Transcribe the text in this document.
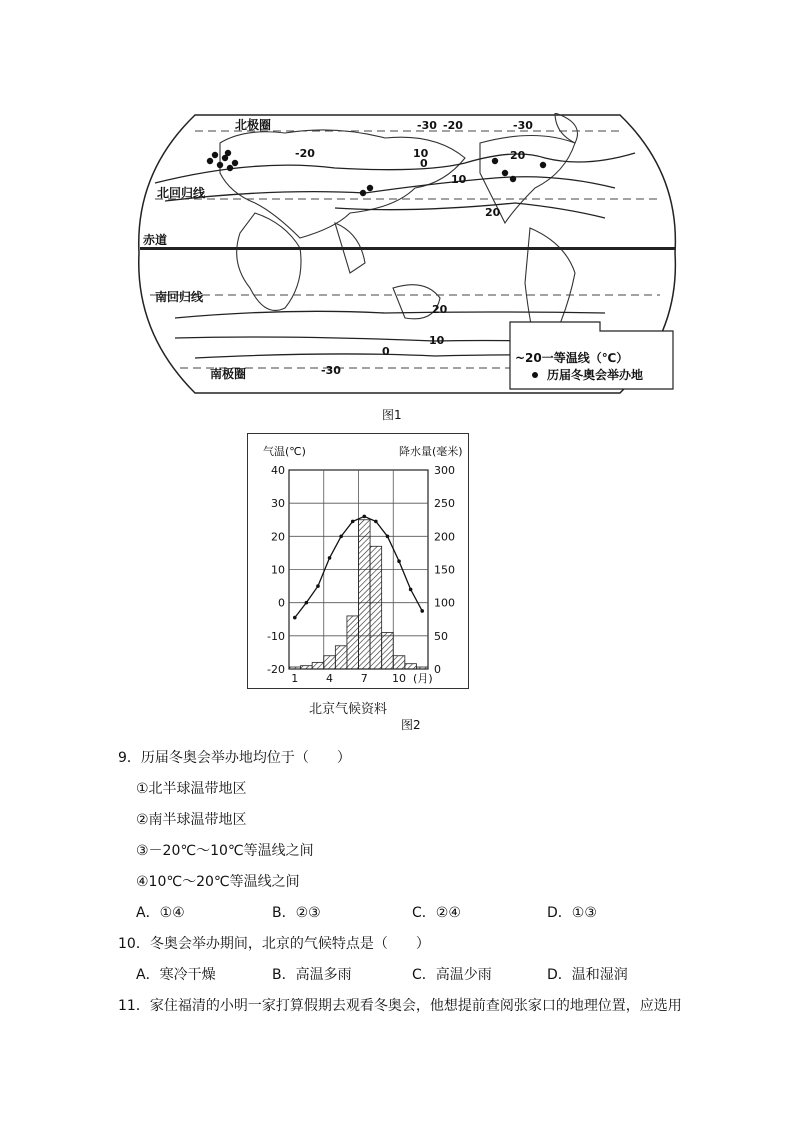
-30
-20	10
0
10
20
-30
20
-20
20
10
0
-30
北极圈
北回归线
赤道
南回归线
南极圈
~20一等温线（℃）
历届冬奥会举办地
图1
气温(℃)	降水量(毫米)
40
30
20
10
0
-10
-20
300
250
200
150
100
50
0
1	4	7 10 (月)
北京气候资料
图2
9．历届冬奥会举办地均位于（　　）
①北半球温带地区
②南半球温带地区
③－20℃～10℃等温线之间
④10℃～20℃等温线之间
A．①④	B．②③	C．②④	D．①③
10．冬奥会举办期间，北京的气候特点是（　　）
A．寒冷干燥	B．高温多雨	C．高温少雨	D．温和湿润
11．家住福清的小明一家打算假期去观看冬奥会，他想提前查阅张家口的地理位置，应选用
